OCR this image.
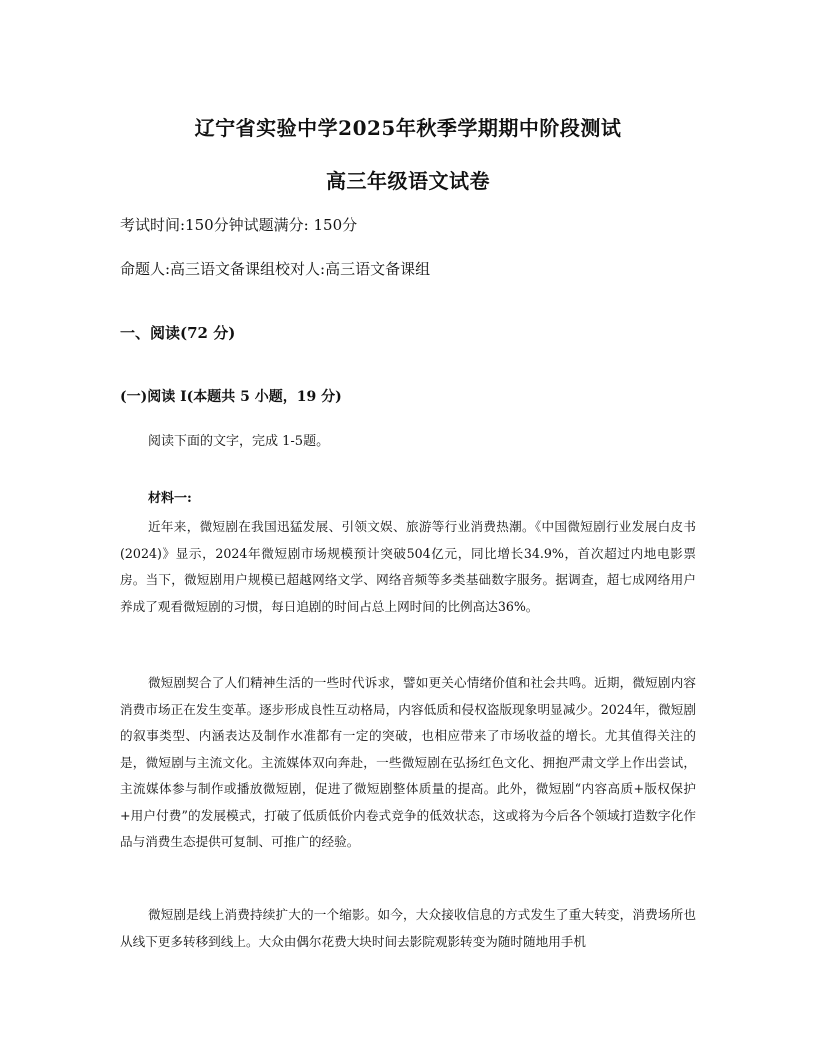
辽宁省实验中学2025年秋季学期期中阶段测试
高三年级语文试卷
考试时间:150分钟试题满分: 150分
命题人:高三语文备课组校对人:高三语文备课组
一、阅读(72 分)
(一)阅读 I(本题共 5 小题，19 分)
阅读下面的文字，完成 1-5题。
材料一:

近年来，微短剧在我国迅猛发展、引领文娱、旅游等行业消费热潮。《中国微短剧行业发展白皮书(2024)》显示，2024年微短剧市场规模预计突破504亿元，同比增长34.9%，首次超过内地电影票房。当下，微短剧用户规模已超越网络文学、网络音频等多类基础数字服务。据调查，超七成网络用户养成了观看微短剧的习惯，每日追剧的时间占总上网时间的比例高达36%。

微短剧契合了人们精神生活的一些时代诉求，譬如更关心情绪价值和社会共鸣。近期，微短剧内容消费市场正在发生变革。逐步形成良性互动格局，内容低质和侵权盗版现象明显减少。2024年，微短剧的叙事类型、内涵表达及制作水准都有一定的突破，也相应带来了市场收益的增长。尤其值得关注的是，微短剧与主流文化。主流媒体双向奔赴，一些微短剧在弘扬红色文化、拥抱严肃文学上作出尝试，主流媒体参与制作或播放微短剧，促进了微短剧整体质量的提高。此外，微短剧“内容高质+版权保护+用户付费”的发展模式，打破了低质低价内卷式竞争的低效状态，这或将为今后各个领域打造数字化作品与消费生态提供可复制、可推广的经验。

微短剧是线上消费持续扩大的一个缩影。如今，大众接收信息的方式发生了重大转变，消费场所也从线下更多转移到线上。大众由偶尔花费大块时间去影院观影转变为随时随地用手机
